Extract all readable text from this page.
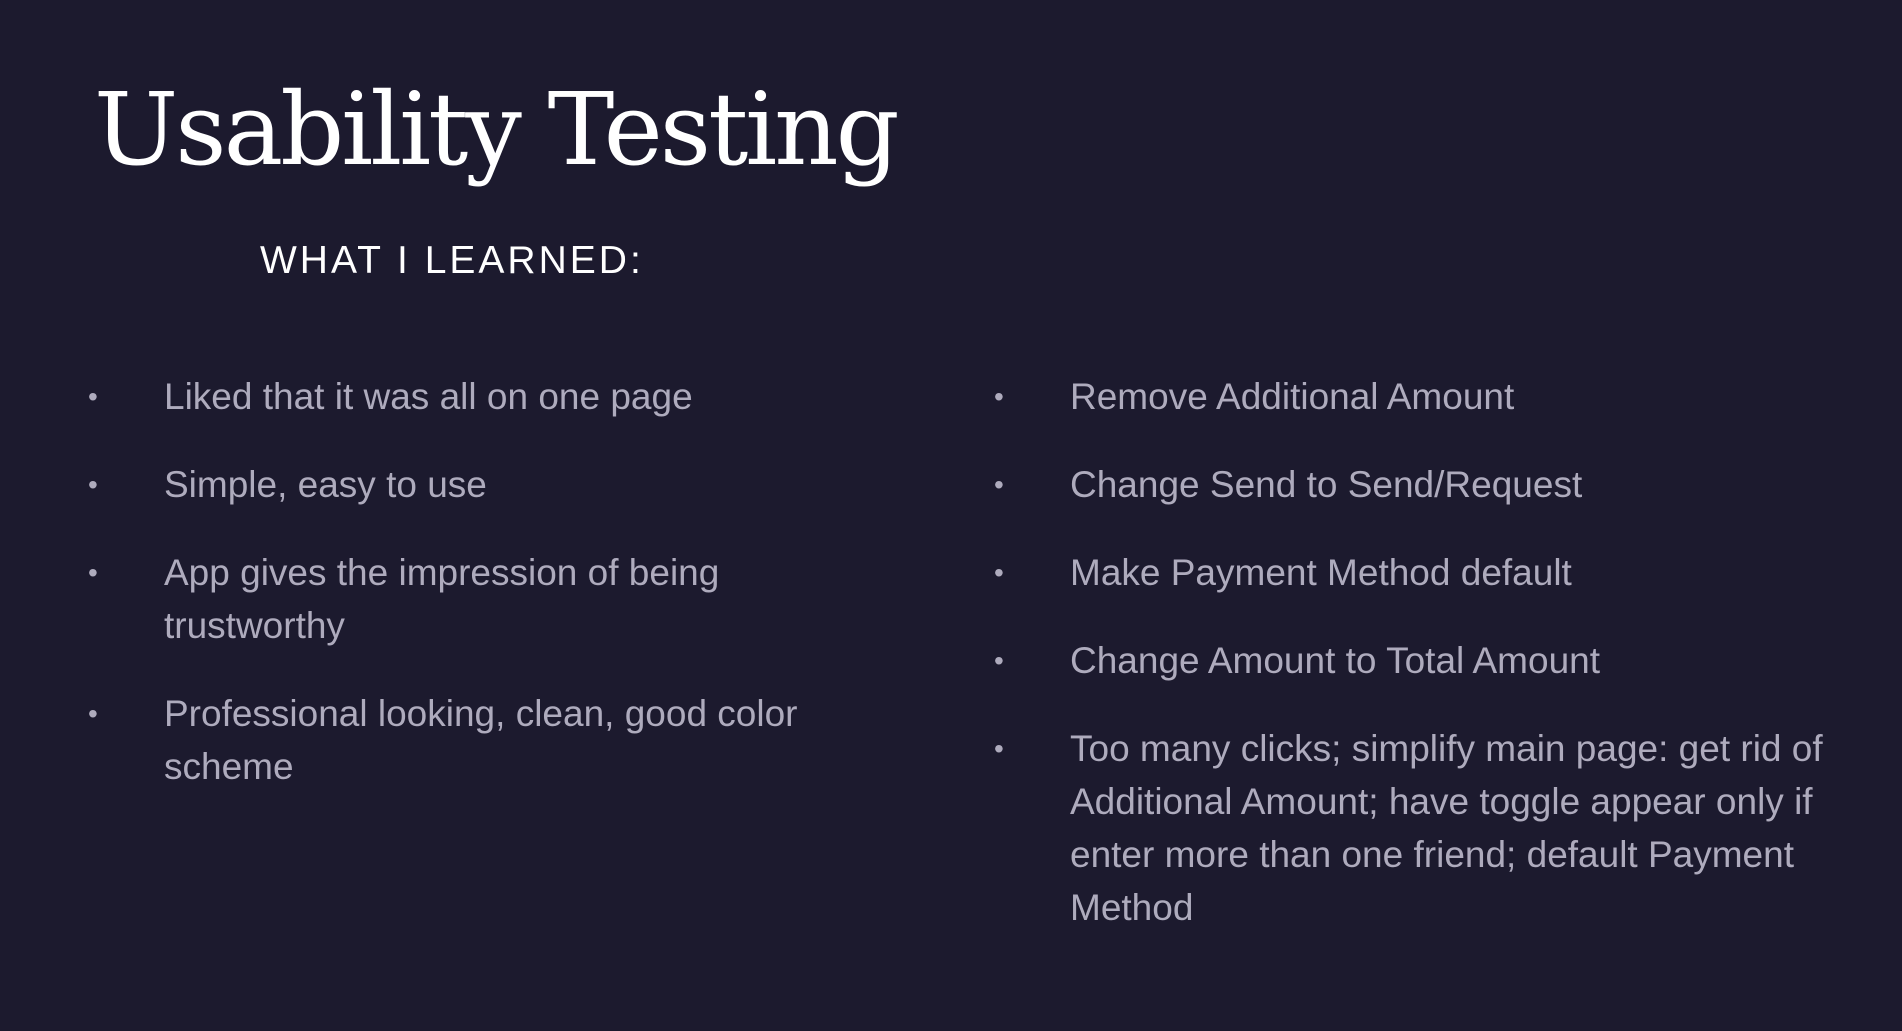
Usability Testing
WHAT I LEARNED:
• Liked that it was all on one page
• Simple, easy to use
• App gives the impression of being trustworthy
• Professional looking, clean, good color scheme
• Remove Additional Amount
• Change Send to Send/Request
• Make Payment Method default
• Change Amount to Total Amount
• Too many clicks; simplify main page: get rid of Additional Amount; have toggle appear only if enter more than one friend; default Payment Method
